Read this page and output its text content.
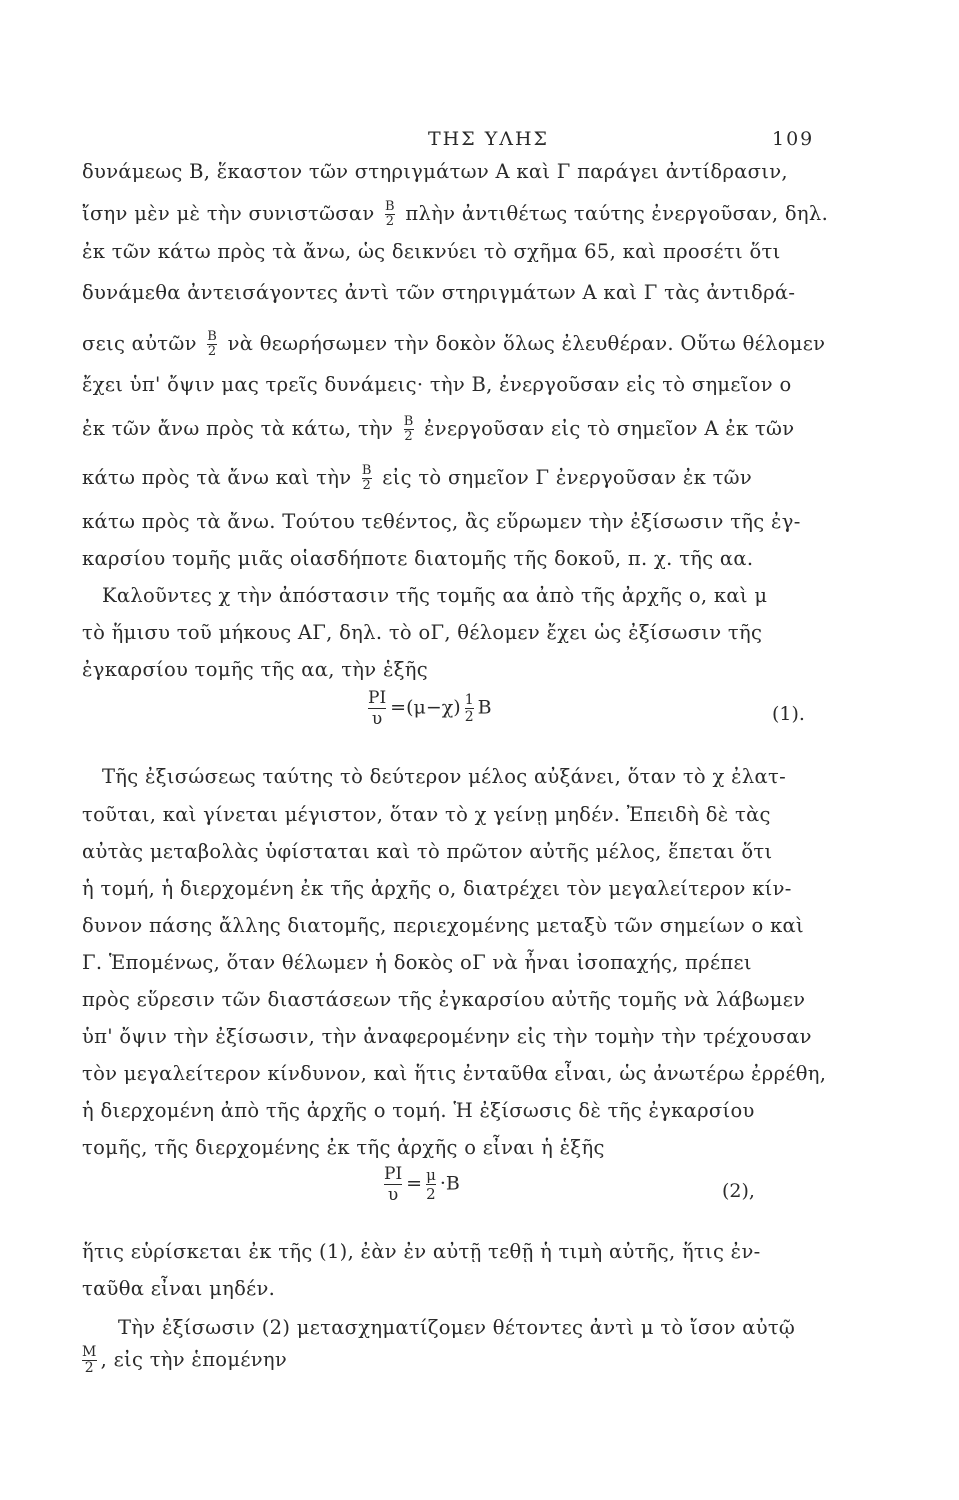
ΤΗΣ ΥΛΗΣ	109
δυνάμεως Β, ἕκαστον τῶν στηριγμάτων Α καὶ Γ παράγει ἀντίδρασιν,
ἴσην μὲν μὲ τὴν συνιστῶσαν $\frac{B}{2}$ πλὴν ἀντιθέτως ταύτης ἐνεργοῦσαν, δηλ.
ἐκ τῶν κάτω πρὸς τὰ ἄνω, ὡς δεικνύει τὸ σχῆμα 65, καὶ προσέτι ὅτι
δυνάμεθα ἀντεισάγοντες ἀντὶ τῶν στηριγμάτων Α καὶ Γ τὰς ἀντιδρά-
σεις αὐτῶν $\frac{B}{2}$ νὰ θεωρήσωμεν τὴν δοκὸν ὅλως ἐλευθέραν. Οὕτω θέλομεν
ἔχει ὑπ' ὄψιν μας τρεῖς δυνάμεις· τὴν Β, ἐνεργοῦσαν εἰς τὸ σημεῖον ο
ἐκ τῶν ἄνω πρὸς τὰ κάτω, τὴν $\frac{B}{2}$ ἐνεργοῦσαν εἰς τὸ σημεῖον Α ἐκ τῶν
κάτω πρὸς τὰ ἄνω καὶ τὴν $\frac{B}{2}$ εἰς τὸ σημεῖον Γ ἐνεργοῦσαν ἐκ τῶν
κάτω πρὸς τὰ ἄνω. Τούτου τεθέντος, ἂς εὕρωμεν τὴν ἐξίσωσιν τῆς ἐγ-
καρσίου τομῆς μιᾶς οἱασδήποτε διατομῆς τῆς δοκοῦ, π. χ. τῆς αα.
Καλοῦντες χ τὴν ἀπόστασιν τῆς τομῆς αα ἀπὸ τῆς ἀρχῆς ο, καὶ μ
τὸ ἥμισυ τοῦ μήκους ΑΓ, δηλ. τὸ οΓ, θέλομεν ἔχει ὡς ἐξίσωσιν τῆς
ἐγκαρσίου τομῆς τῆς αα, τὴν ἑξῆς
$\frac{PI}{\upsilon} =(\mu-\chi) \frac{1}{2}$ B	(1).
Τῆς ἐξισώσεως ταύτης τὸ δεύτερον μέλος αὐξάνει, ὅταν τὸ χ ἐλατ-
τοῦται, καὶ γίνεται μέγιστον, ὅταν τὸ χ γείνῃ μηδέν. Ἐπειδὴ δὲ τὰς
αὐτὰς μεταβολὰς ὑφίσταται καὶ τὸ πρῶτον αὐτῆς μέλος, ἕπεται ὅτι
ἡ τομή, ἡ διερχομένη ἐκ τῆς ἀρχῆς ο, διατρέχει τὸν μεγαλείτερον κίν-
δυνον πάσης ἄλλης διατομῆς, περιεχομένης μεταξὺ τῶν σημείων ο καὶ
Γ. Ἑπομένως, ὅταν θέλωμεν ἡ δοκὸς οΓ νὰ ἦναι ἰσοπαχής, πρέπει
πρὸς εὕρεσιν τῶν διαστάσεων τῆς ἐγκαρσίου αὐτῆς τομῆς νὰ λάβωμεν
ὑπ' ὄψιν τὴν ἐξίσωσιν, τὴν ἀναφερομένην εἰς τὴν τομὴν τὴν τρέχουσαν
τὸν μεγαλείτερον κίνδυνον, καὶ ἥτις ἐνταῦθα εἶναι, ὡς ἀνωτέρω ἐρρέθη,
ἡ διερχομένη ἀπὸ τῆς ἀρχῆς ο τομή. Ἡ ἐξίσωσις δὲ τῆς ἐγκαρσίου
τομῆς, τῆς διερχομένης ἐκ τῆς ἀρχῆς ο εἶναι ἡ ἑξῆς
$\frac{PI}{\upsilon} = \frac{\mu}{2} \cdot B$	(2),
ἥτις εὑρίσκεται ἐκ τῆς (1), ἐὰν ἐν αὐτῇ τεθῇ ἡ τιμὴ αὐτῆς, ἥτις ἐν-
ταῦθα εἶναι μηδέν.
Τὴν ἐξίσωσιν (2) μετασχηματίζομεν θέτοντες ἀντὶ μ τὸ ἴσον αὐτῷ
$\frac{M}{2}$ , εἰς τὴν ἑπομένην
